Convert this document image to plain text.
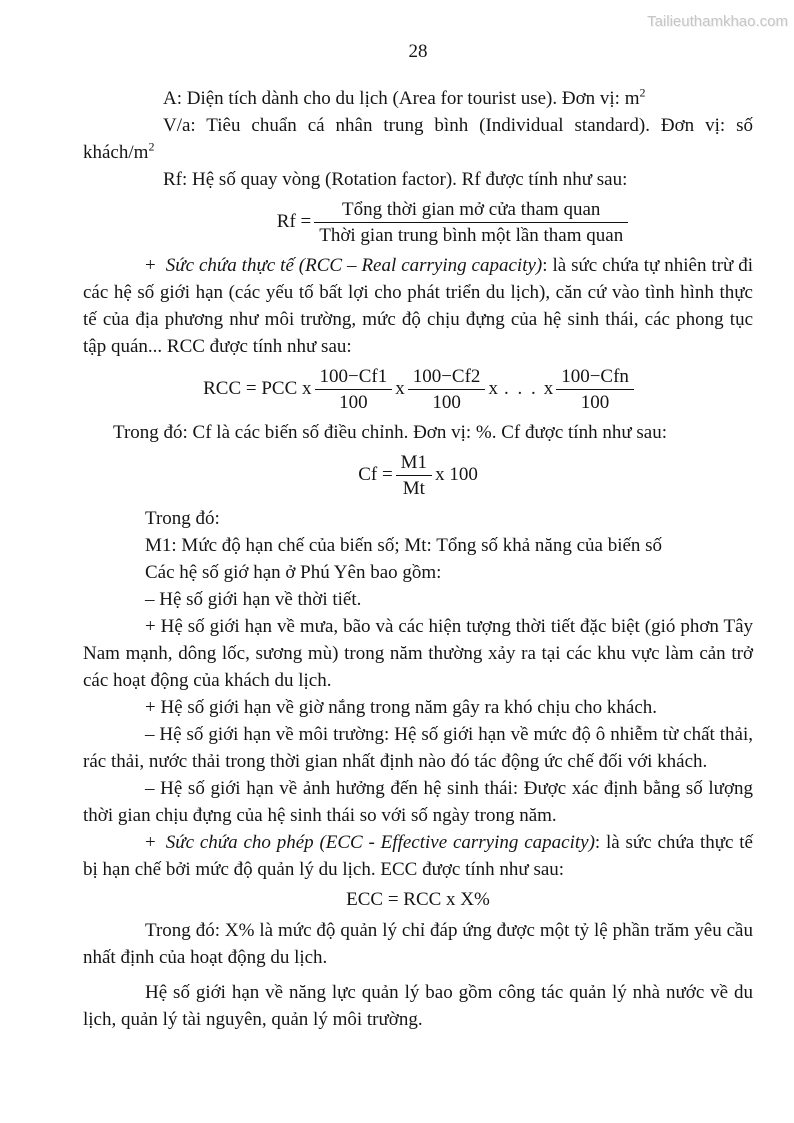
Tailieuthamkhao.com
28

A: Diện tích dành cho du lịch (Area for tourist use). Đơn vị: $m^2$

V/a: Tiêu chuẩn cá nhân trung bình (Individual standard). Đơn vị: số

khách/$m^2$

Rf: Hệ số quay vòng (Rotation factor). Rf được tính như sau:

$Rf = \frac{\text{Tổng thời gian mở cửa tham quan}}{\text{Thời gian trung bình một lần tham quan}}$

+ Sức chứa thực tế (RCC – Real carrying capacity): là sức chứa tự nhiên trừ đi các hệ số giới hạn (các yếu tố bất lợi cho phát triển du lịch), căn cứ vào tình hình thực tế của địa phương như môi trường, mức độ chịu đựng của hệ sinh thái, các phong tục tập quán... RCC được tính như sau:

RCC = PCC x $\frac{100-Cf1}{100}$ x $\frac{100-Cf2}{100}$ x . . . x $\frac{\text{100−Cfn}}{100}$

Trong đó: Cf là các biến số điều chỉnh. Đơn vị: %. Cf được tính như sau:

$Cf = \frac{M1}{Mt}$ x 100

Trong đó:

M1: Mức độ hạn chế của biến số; Mt: Tổng số khả năng của biến số

Các hệ số giớ hạn ở Phú Yên bao gồm:

– Hệ số giới hạn về thời tiết.

+ Hệ số giới hạn về mưa, bão và các hiện tượng thời tiết đặc biệt (gió phơn Tây Nam mạnh, dông lốc, sương mù) trong năm thường xảy ra tại các khu vực làm cản trở các hoạt động của khách du lịch.

+ Hệ số giới hạn về giờ nắng trong năm gây ra khó chịu cho khách.

– Hệ số giới hạn về môi trường: Hệ số giới hạn về mức độ ô nhiễm từ chất thải, rác thải, nước thải trong thời gian nhất định nào đó tác động ức chế đối với khách.

– Hệ số giới hạn về ảnh hưởng đến hệ sinh thái: Được xác định bằng số lượng thời gian chịu đựng của hệ sinh thái so với số ngày trong năm.

+ Sức chứa cho phép (ECC - Effective carrying capacity): là sức chứa thực tế bị hạn chế bởi mức độ quản lý du lịch. ECC được tính như sau:

ECC = RCC x X%

Trong đó: X% là mức độ quản lý chỉ đáp ứng được một tỷ lệ phần trăm yêu cầu nhất định của hoạt động du lịch.

Hệ số giới hạn về năng lực quản lý bao gồm công tác quản lý nhà nước về du lịch, quản lý tài nguyên, quản lý môi trường.
